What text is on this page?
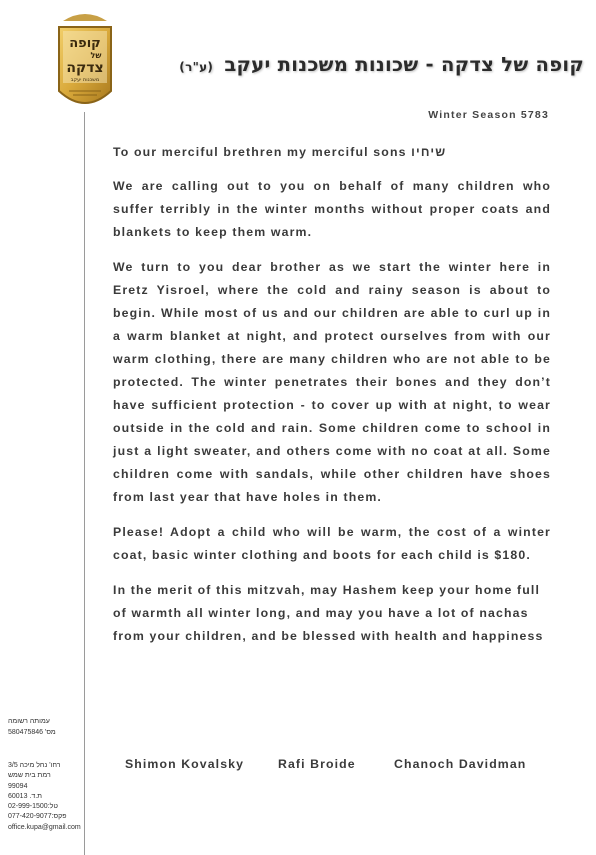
קופה
של
צדקה
משכנות יעקב
קופה של צדקה - שכונות משכנות יעקב (ע"ר)
Winter Season 5783

To our merciful brethren my merciful sons שיחיו

We are calling out to you on behalf of many children who suffer terribly in the winter months without proper coats and blankets to keep them warm.

We turn to you dear brother as we start the winter here in Eretz Yisroel, where the cold and rainy season is about to begin. While most of us and our children are able to curl up in a warm blanket at night, and protect ourselves from with our warm clothing, there are many children who are not able to be protected. The winter penetrates their bones and they don’t have sufficient protection - to cover up with at night, to wear outside in the cold and rain. Some children come to school in just a light sweater, and others come with no coat at all. Some children come with sandals, while other children have shoes from last year that have holes in them.

Please! Adopt a child who will be warm, the cost of a winter coat, basic winter clothing and boots for each child is $180.

In the merit of this mitzvah, may Hashem keep your home full of warmth all winter long, and may you have a lot of nachas from your children, and be blessed with health and happiness

Shimon Kovalsky	Rafi Broide	Chanoch Davidman
עמותה רשומה
מס' 580475846
רחו' נחל מיכה 3/5
רמת בית שמש
99094
ת.ד. 60013
טל:02-999-1500
פקס:077-420-9077
office.kupa@gmail.com
